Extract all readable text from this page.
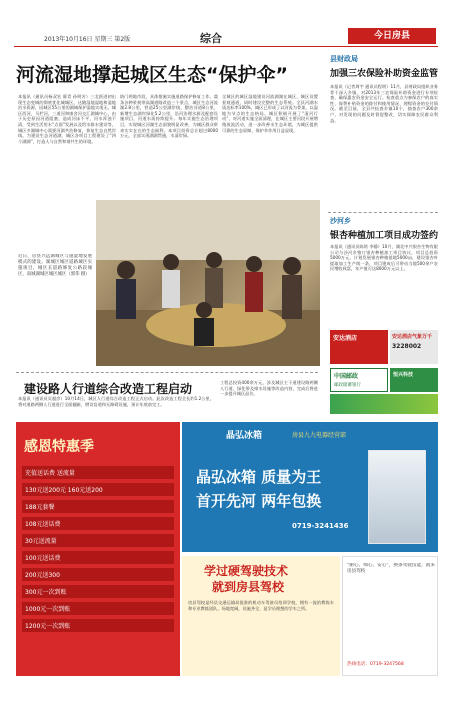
2013年10月16日 星期三 第2版	综合	今日房县
河流湿地撑起城区生态“保护伞”
本报讯（通讯员杨双宏 廖青 孙明芳）三北跃进初出现生态变城的彻底优化城城区，这随湿地湿地和湿地治水资源，因城区55公里的湖城保护湿地实现无。城区西河，马栏河，三道河和康舍河交汇湖城中心，由于历史原因河道阻塞，造成河床不平，河水浑浊不清，受到生活用水“点面”发展以及给水排水建设等，城区多湖城中心需要河湖共治修复，恢复生态自然岸线。为建设生态河道湖，城区各项目工程建设了“四个湖湖”，打造人与自然和谐共生的环境。
防门两地市段，具体措施实施道路保护修复工作。栽条各种景观带高湖道路改造三个景点，城区生态河流湖2.8公里，营造25公里湖岸线，整治河道8公里，新增生态湖岸绿化5.2公里，沿河治理水源及配套设施项目，河道水质持续提升。每年实施生态治理项目，实现城区河湖生态面貌明显改善，为城区群众带来实实在在的生态福利。本项目投资总计超过8000万元，全部实现湖湖贯通，水清岸绿。
全城区的城区湿地建设河流湖湖在城区，城区设置景观通道，同时建设完整的生态系统。全县河湖水质达标率100%，城区已形成了以河流为骨架、以湿地为节点的生态格局。城区积极开展了“清河行动”，对河道实施全面清理，在城区主要河段开展增殖放流活动，进一步改善水生态环境，为城区提供可靠的生态屏障，保护伞作用日益显现。
近日，房县兴远湖城区与施湿地发展模式的建设。湖城区城区道路城区实施项目，城区长道路修复公路段城区，南城湖城区城区城区（郭伟 摄）
建设路人行道综合改造工程启动
本报讯（通讯员吴超彦）10月14日，城区人行道综合改造工程正式启动。此次改造工程全长约1.2公里，将对道路两侧人行道进行全面翻新，增设盲道和无障碍设施，预计年底前完工。
工程总投资400余万元，涉及城区主干道建设路两侧人行道、绿化带及排水设施等改造内容，完成后将进一步提升城区品位。
县财政局
加强三农保险补助资金监管
本报讯（记者周宇 通讯员程明）11月，县财政局组织业务骨干深入乡镇，对2013年三农保险补助资金进行专项检查，确保惠农资金安全运行。检查重点为参保农户的真实性、保费补贴资金的拨付和使用情况、理赔资金的兑付情况。截至目前，全县共检查乡镇10个，抽查农户300余户，对发现的问题及时督促整改，切实保障农民群众利益。
沙河乡
银杏种植加工项目成功签约
本报讯（通讯员陈铭 李静）10月，湖北中兴银杏生物有限公司与沙河乡签订银杏种植加工项目协议，项目总投资5000万元，计划发展银杏种植基地5000亩，建设银杏叶提取加工生产线一条，项目建成后可带动当地500余户农民增收致富，年产值可达8000万元以上。
安达酒店	安达酒店气象万千
3228002
中国邮政
邮政储蓄银行
恒兴科技
感恩特惠季
充值送话费 送流量
130元送200元 160元送200
188元套餐
108元送话费
30元送流量
100元送话费
200元送300
300元一次到账
1000元一次到账
1200元一次到账
晶弘冰箱	房县九九电器经营部
晶弘冰箱 质量为王
首开先河 两年包换
0719-3241436
学过硬驾驶技术
就到房县驾校
房县驾校是经县交通运输局批准的机动车驾驶员培训学校，拥有一流的教练车和专业教练团队，场地宽阔，设施齐全，是学员理想的学车之所。
“耐心、细心、安心”，换条驾驶技能，就来房县驾校
热线电话：0719-3247568
